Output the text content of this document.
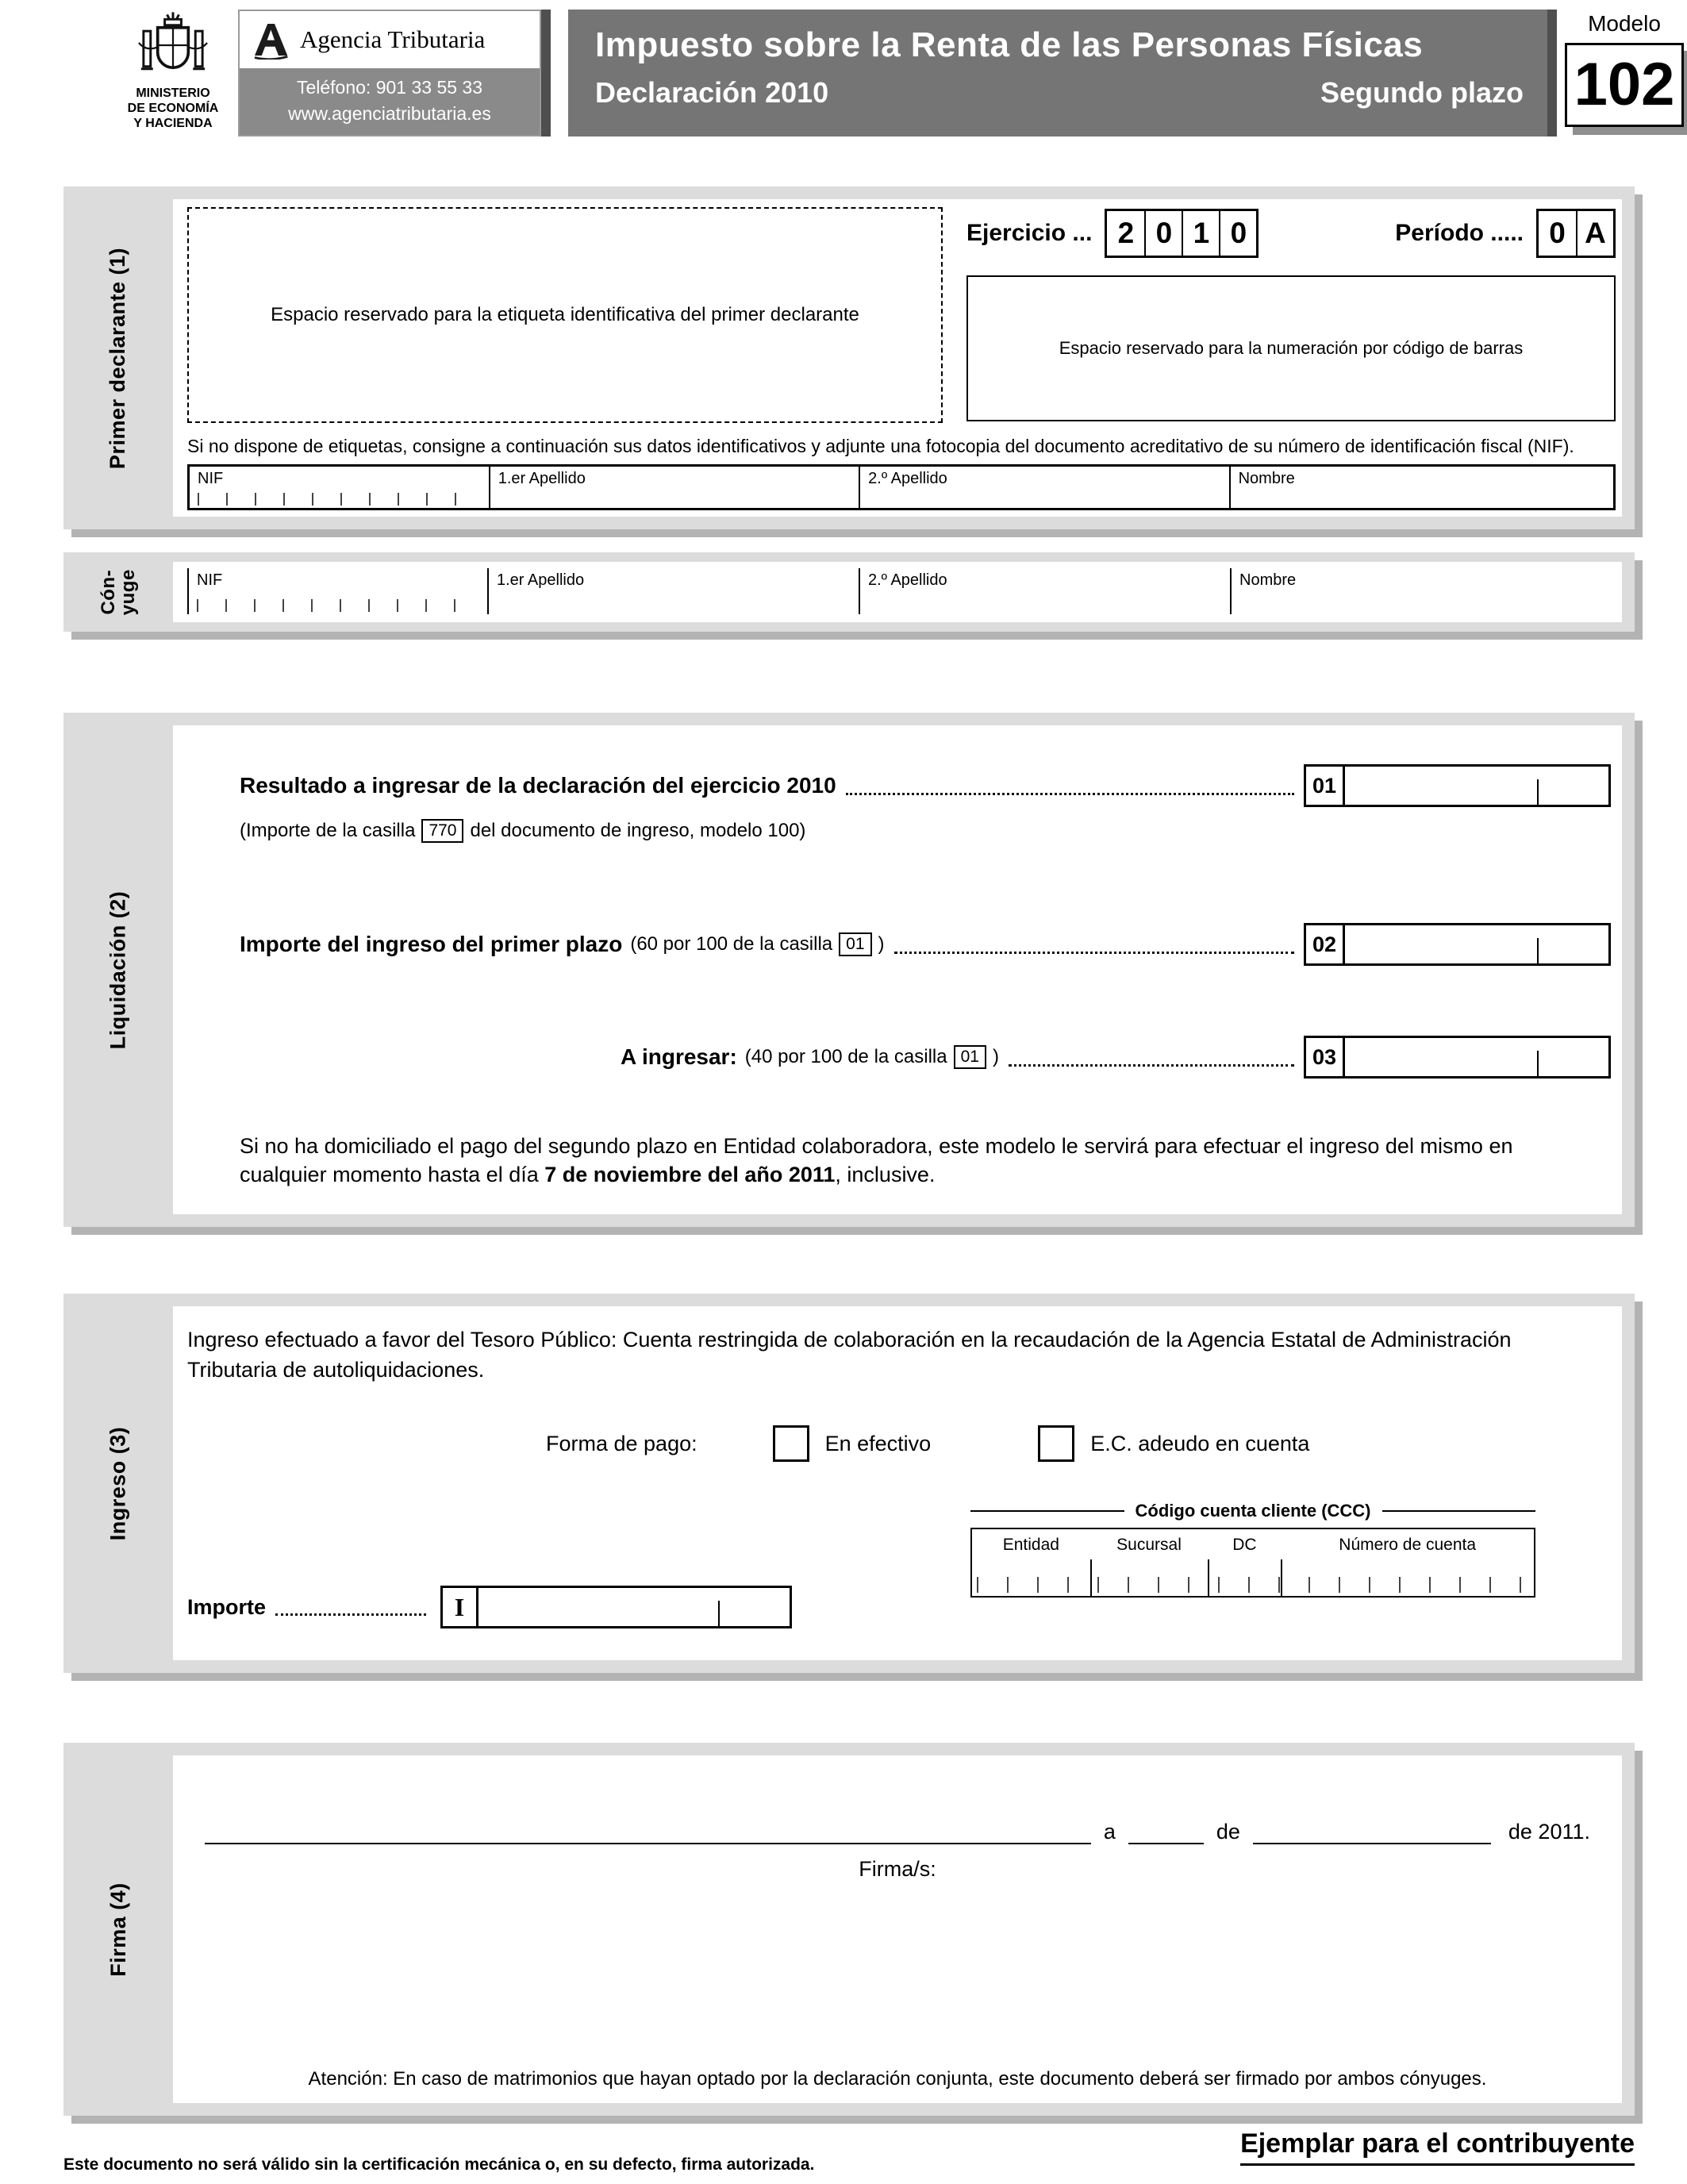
MINISTERIO
DE ECONOMÍA
Y HACIENDA
Agencia Tributaria
Teléfono: 901 33 55 33
www.agenciatributaria.es
Impuesto sobre la Renta de las Personas Físicas
Declaración 2010	Segundo plazo
Modelo
102
Primer declarante (1)	Espacio reservado para la etiqueta identificativa del primer declarante
Ejercicio ... 2 0 1 0	Período ..... 0 A
Espacio reservado para la numeración por código de barras
Si no dispone de etiquetas, consigne a continuación sus datos identificativos y adjunte una fotocopia del documento acreditativo de su número de identificación fiscal (NIF).
NIF	1.er Apellido	2.º Apellido	Nombre
Cón-
yuge	NIF	1.er Apellido	2.º Apellido	Nombre
Liquidación (2)
Resultado a ingresar de la declaración del ejercicio 2010	01
(Importe de la casilla 770 del documento de ingreso, modelo 100)
Importe del ingreso del primer plazo (60 por 100 de la casilla 01 )	02
A ingresar: (40 por 100 de la casilla 01 )	03
Si no ha domiciliado el pago del segundo plazo en Entidad colaboradora, este modelo le servirá para efectuar el ingreso del mismo en cualquier momento hasta el día 7 de noviembre del año 2011, inclusive.
Ingreso (3)
Ingreso efectuado a favor del Tesoro Público: Cuenta restringida de colaboración en la recaudación de la Agencia Estatal de Administración Tributaria de autoliquidaciones.
Forma de pago:	En efectivo	E.C. adeudo en cuenta
Código cuenta cliente (CCC)
Entidad	Sucursal	DC	Número de cuenta
Importe	I
Firma (4)
a	de	de 2011.
Firma/s:
Atención: En caso de matrimonios que hayan optado por la declaración conjunta, este documento deberá ser firmado por ambos cónyuges.
Este documento no será válido sin la certificación mecánica o, en su defecto, firma autorizada.
Ejemplar para el contribuyente
